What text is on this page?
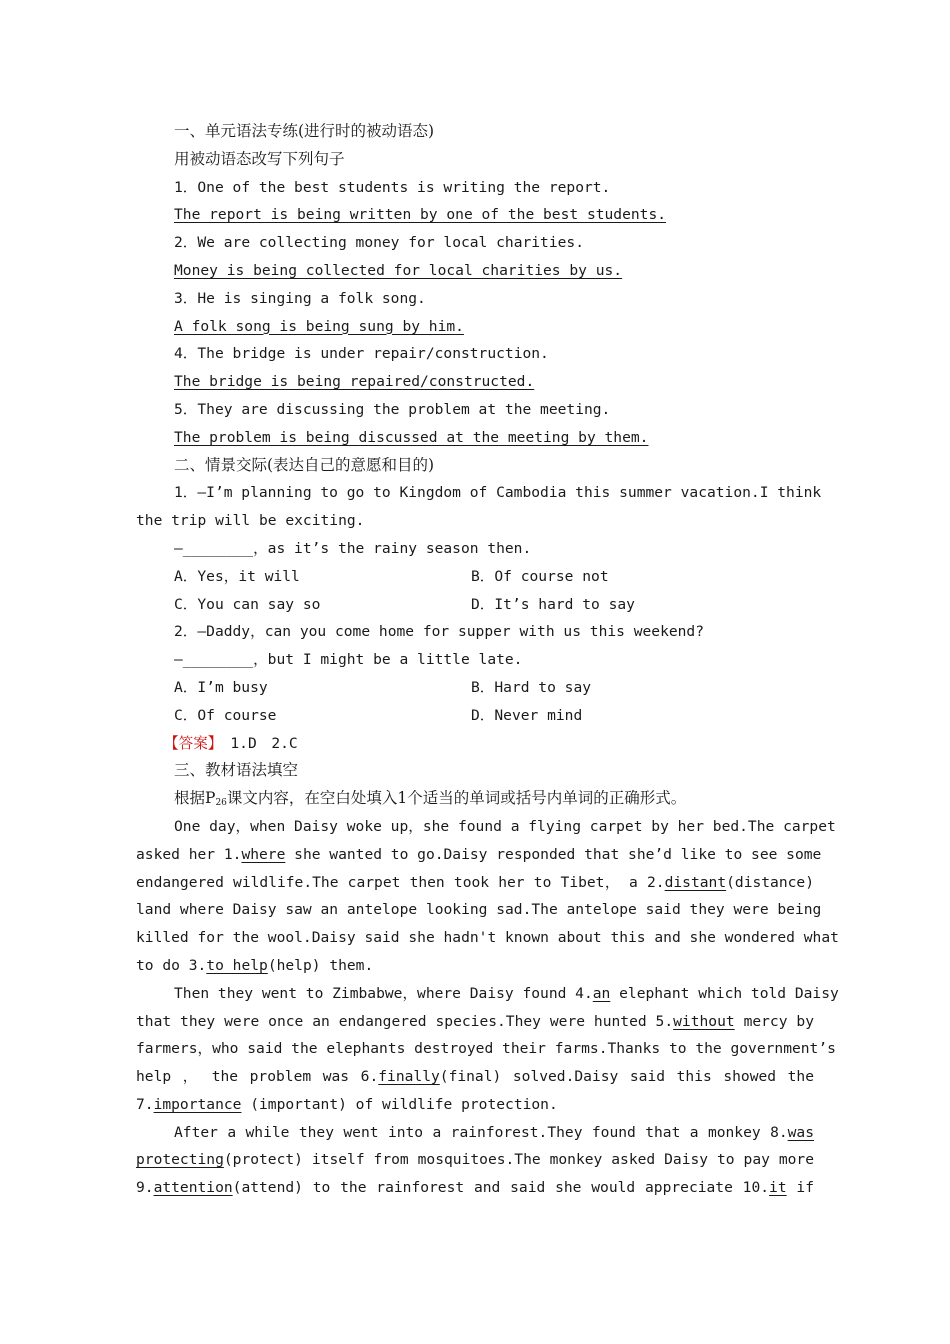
一、单元语法专练(进行时的被动语态)
用被动语态改写下列句子
1．One of the best students is writing the report.
The report is being written by one of the best students.
2．We are collecting money for local charities.
Money is being collected for local charities by us.
3．He is singing a folk song.
A folk song is being sung by him.
4．The bridge is under repair/construction.
The bridge is being repaired/constructed.
5．They are discussing the problem at the meeting.
The problem is being discussed at the meeting by them.
二、情景交际(表达自己的意愿和目的)
1．—I’m planning to go to Kingdom of Cambodia this summer vacation.I think
the trip will be exciting.
—________，as it’s the rainy season then.
A．Yes，it will	B．Of course not
C．You can say so	D．It’s hard to say
2．—Daddy，can you come home for supper with us this weekend?
—________，but I might be a little late.
A．I’m busy	B．Hard to say
C．Of course	D．Never mind
【答案】 1.D　2.C
三、教材语法填空
根据$P_{26}$课文内容，在空白处填入1个适当的单词或括号内单词的正确形式。
One day，when Daisy woke up，she found a flying carpet by her bed.The carpet
asked her 1.where she wanted to go.Daisy responded that she’d like to see some
endangered wildlife.The carpet then took her to Tibet， a 2.distant(distance)
land where Daisy saw an antelope looking sad.The antelope said they were being
killed for the wool.Daisy said she hadn't known about this and she wondered what
to do 3.to help(help) them.
Then they went to Zimbabwe，where Daisy found 4.an elephant which told Daisy
that they were once an endangered species.They were hunted 5.without mercy by
farmers，who said the elephants destroyed their farms.Thanks to the government’s
help ， the problem was 6.finally(final) solved.Daisy said this showed the
7.importance (important) of wildlife protection.
After a while they went into a rainforest.They found that a monkey 8.was
protecting(protect) itself from mosquitoes.The monkey asked Daisy to pay more
9.attention(attend) to the rainforest and said she would appreciate 10.it if
